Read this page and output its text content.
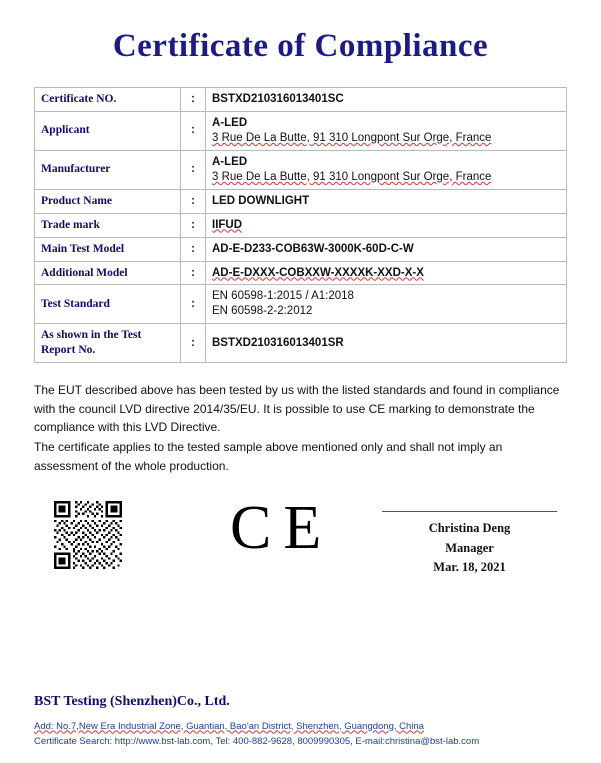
Certificate of Compliance
Certificate NO.	:	BSTXD210316013401SC

Applicant	:	A-LED
3 Rue De La Butte, 91 310 Longpont Sur Orge, France

Manufacturer	:	A-LED
3 Rue De La Butte, 91 310 Longpont Sur Orge, France

Product Name	:	LED DOWNLIGHT

Trade mark	:	IIFUD

Main Test Model	:	AD-E-D233-COB63W-3000K-60D-C-W

Additional Model	:	AD-E-DXXX-COBXXW-XXXXK-XXD-X-X

Test Standard	:	EN 60598-1:2015 / A1:2018
EN 60598-2-2:2012

As shown in the Test Report No.	:	BSTXD210316013401SR

The EUT described above has been tested by us with the listed standards and found in compliance with the council LVD directive 2014/35/EU. It is possible to use CE marking to demonstrate the compliance with this LVD Directive.

The certificate applies to the tested sample above mentioned only and shall not imply an assessment of the whole production.

CE	Christina Deng
Manager
Mar. 18, 2021
BST Testing (Shenzhen)Co., Ltd.
Add: No.7,New Era Industrial Zone, Guantian, Bao'an District, Shenzhen, Guangdong, China
Certificate Search: http://www.bst-lab.com, Tel: 400-882-9628, 8009990305, E-mail:christina@bst-lab.com
